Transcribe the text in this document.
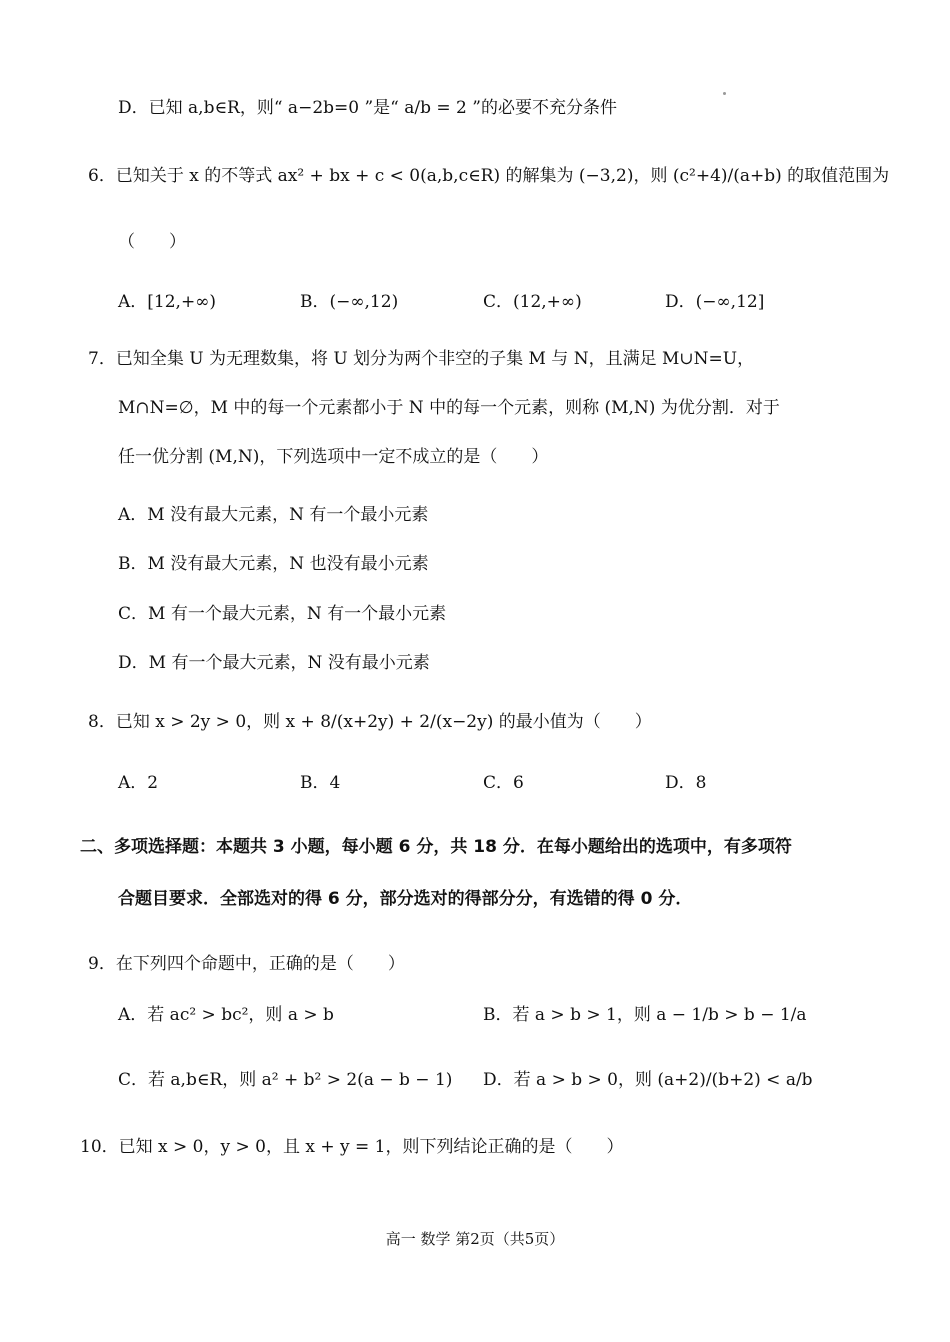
D．已知 a,b∈R，则“ a−2b=0 ”是“ a/b = 2 ”的必要不充分条件
6．已知关于 x 的不等式 ax² + bx + c < 0(a,b,c∈R) 的解集为 (−3,2)，则 (c²+4)/(a+b) 的取值范围为
（　　）
A．[12,+∞)	B．(−∞,12)	C．(12,+∞)	D．(−∞,12]
7．已知全集 U 为无理数集，将 U 划分为两个非空的子集 M 与 N，且满足 M∪N=U，
M∩N=∅，M 中的每一个元素都小于 N 中的每一个元素，则称 (M,N) 为优分割．对于
任一优分割 (M,N)，下列选项中一定不成立的是（　　）
A．M 没有最大元素，N 有一个最小元素
B．M 没有最大元素，N 也没有最小元素
C．M 有一个最大元素，N 有一个最小元素
D．M 有一个最大元素，N 没有最小元素
8．已知 x > 2y > 0，则 x + 8/(x+2y) + 2/(x−2y) 的最小值为（　　）
A．2	B．4	C．6	D．8
二、多项选择题：本题共 3 小题，每小题 6 分，共 18 分．在每小题给出的选项中，有多项符
合题目要求．全部选对的得 6 分，部分选对的得部分分，有选错的得 0 分．
9．在下列四个命题中，正确的是（　　）
A．若 ac² > bc²，则 a > b	B．若 a > b > 1，则 a − 1/b > b − 1/a
C．若 a,b∈R，则 a² + b² > 2(a − b − 1) D．若 a > b > 0，则 (a+2)/(b+2) < a/b
10．已知 x > 0，y > 0，且 x + y = 1，则下列结论正确的是（　　）
高一 数学 第2页（共5页）
